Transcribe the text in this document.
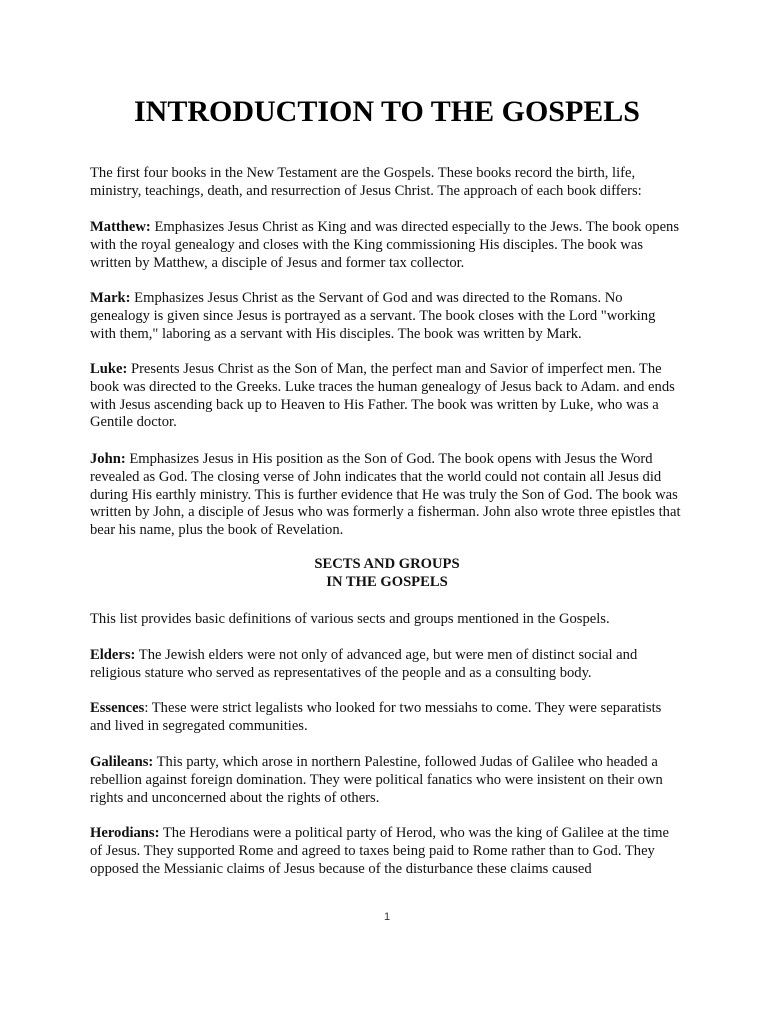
INTRODUCTION TO THE GOSPELS

The first four books in the New Testament are the Gospels. These books record the birth, life, ministry, teachings, death, and resurrection of Jesus Christ. The approach of each book differs:

Matthew: Emphasizes Jesus Christ as King and was directed especially to the Jews. The book opens with the royal genealogy and closes with the King commissioning His disciples. The book was written by Matthew, a disciple of Jesus and former tax collector.

Mark: Emphasizes Jesus Christ as the Servant of God and was directed to the Romans. No genealogy is given since Jesus is portrayed as a servant. The book closes with the Lord "working with them," laboring as a servant with His disciples. The book was written by Mark.

Luke: Presents Jesus Christ as the Son of Man, the perfect man and Savior of imperfect men. The book was directed to the Greeks. Luke traces the human genealogy of Jesus back to Adam. and ends with Jesus ascending back up to Heaven to His Father. The book was written by Luke, who was a Gentile doctor.

John: Emphasizes Jesus in His position as the Son of God. The book opens with Jesus the Word revealed as God. The closing verse of John indicates that the world could not contain all Jesus did during His earthly ministry. This is further evidence that He was truly the Son of God. The book was written by John, a disciple of Jesus who was formerly a fisherman. John also wrote three epistles that bear his name, plus the book of Revelation.

SECTS AND GROUPS
IN THE GOSPELS

This list provides basic definitions of various sects and groups mentioned in the Gospels.

Elders: The Jewish elders were not only of advanced age, but were men of distinct social and religious stature who served as representatives of the people and as a consulting body.

Essences: These were strict legalists who looked for two messiahs to come. They were separatists and lived in segregated communities.

Galileans: This party, which arose in northern Palestine, followed Judas of Galilee who headed a rebellion against foreign domination. They were political fanatics who were insistent on their own rights and unconcerned about the rights of others.

Herodians: The Herodians were a political party of Herod, who was the king of Galilee at the time of Jesus. They supported Rome and agreed to taxes being paid to Rome rather than to God. They opposed the Messianic claims of Jesus because of the disturbance these claims caused

1
